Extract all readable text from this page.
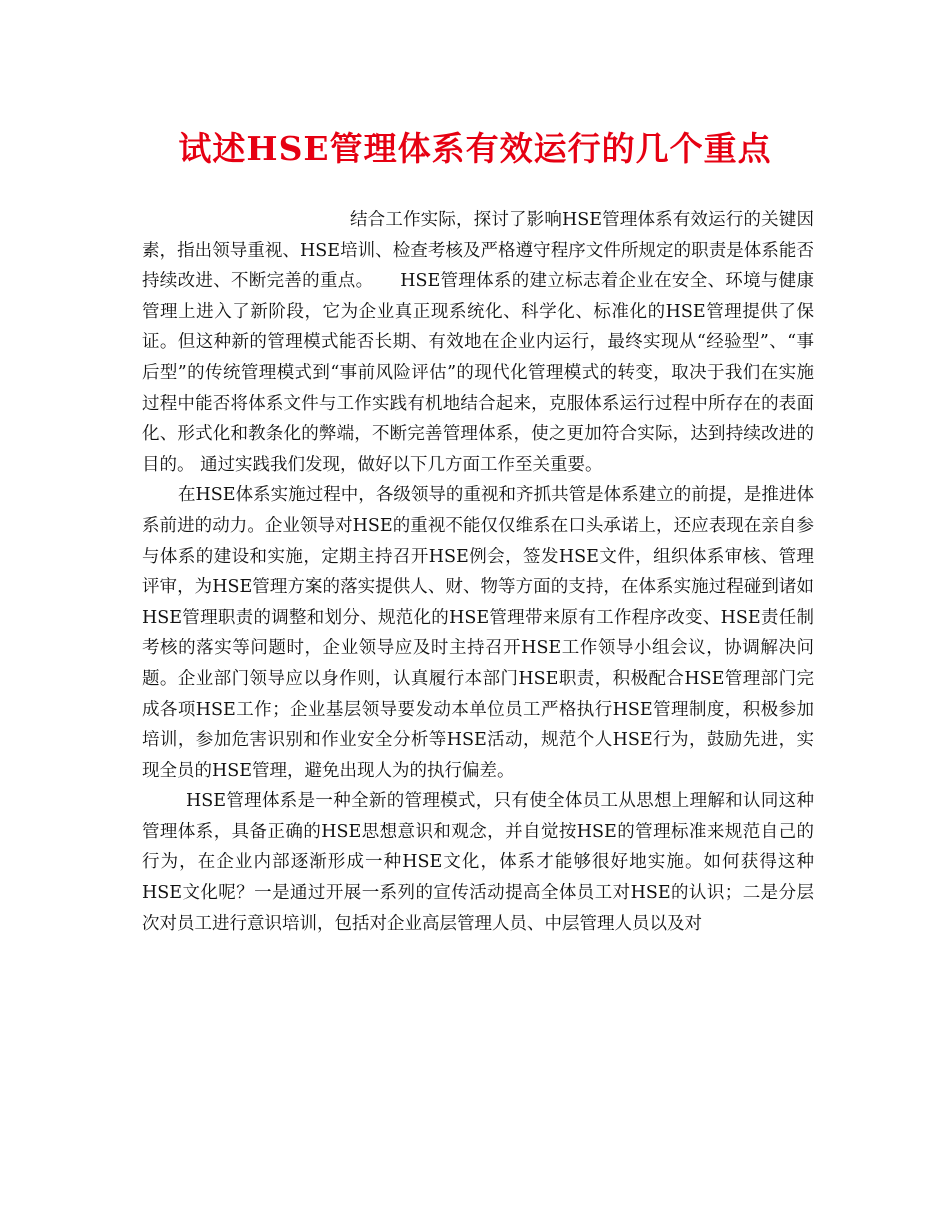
试述HSE管理体系有效运行的几个重点

结合工作实际，探讨了影响HSE管理体系有效运行的关键因素，指出领导重视、HSE培训、检查考核及严格遵守程序文件所规定的职责是体系能否持续改进、不断完善的重点。　　HSE管理体系的建立标志着企业在安全、环境与健康管理上进入了新阶段，它为企业真正现系统化、科学化、标准化的HSE管理提供了保证。但这种新的管理模式能否长期、有效地在企业内运行，最终实现从“经验型”、“事后型”的传统管理模式到“事前风险评估”的现代化管理模式的转变，取决于我们在实施过程中能否将体系文件与工作实践有机地结合起来，克服体系运行过程中所存在的表面化、形式化和教条化的弊端，不断完善管理体系，使之更加符合实际，达到持续改进的目的。 通过实践我们发现，做好以下几方面工作至关重要。

在HSE体系实施过程中，各级领导的重视和齐抓共管是体系建立的前提，是推进体系前进的动力。企业领导对HSE的重视不能仅仅维系在口头承诺上，还应表现在亲自参与体系的建设和实施，定期主持召开HSE例会，签发HSE文件，组织体系审核、管理评审，为HSE管理方案的落实提供人、财、物等方面的支持，在体系实施过程碰到诸如HSE管理职责的调整和划分、规范化的HSE管理带来原有工作程序改变、HSE责任制考核的落实等问题时，企业领导应及时主持召开HSE工作领导小组会议，协调解决问题。企业部门领导应以身作则，认真履行本部门HSE职责，积极配合HSE管理部门完成各项HSE工作；企业基层领导要发动本单位员工严格执行HSE管理制度，积极参加培训，参加危害识别和作业安全分析等HSE活动，规范个人HSE行为，鼓励先进，实现全员的HSE管理，避免出现人为的执行偏差。

HSE管理体系是一种全新的管理模式，只有使全体员工从思想上理解和认同这种管理体系，具备正确的HSE思想意识和观念，并自觉按HSE的管理标准来规范自己的行为，在企业内部逐渐形成一种HSE文化，体系才能够很好地实施。如何获得这种HSE文化呢？一是通过开展一系列的宣传活动提高全体员工对HSE的认识；二是分层次对员工进行意识培训，包括对企业高层管理人员、中层管理人员以及对
